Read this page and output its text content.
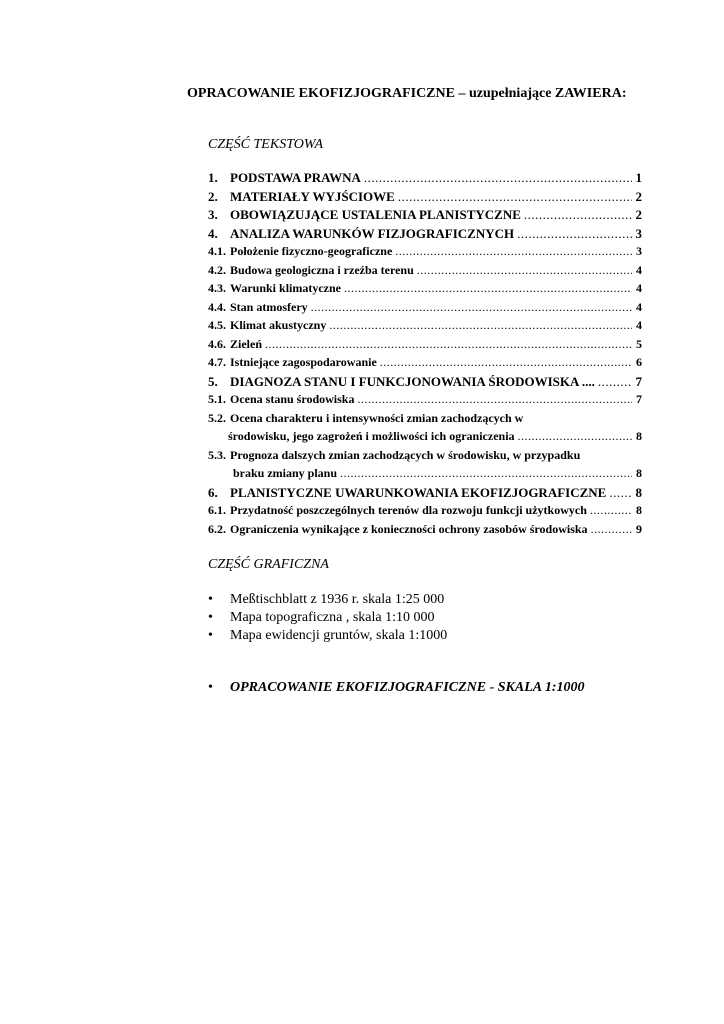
OPRACOWANIE EKOFIZJOGRAFICZNE – uzupełniające ZAWIERA:
CZĘŚĆ TEKSTOWA
1. PODSTAWA PRAWNA .....	1
2. MATERIAŁY WYJŚCIOWE .....	2
3. OBOWIĄZUJĄCE USTALENIA PLANISTYCZNE .....	2
4. ANALIZA WARUNKÓW FIZJOGRAFICZNYCH .....	3
4.1. Położenie fizyczno-geograficzne .....	3
4.2. Budowa geologiczna i rzeźba terenu .....	4
4.3. Warunki klimatyczne .....	4
4.4. Stan atmosfery .....	4
4.5. Klimat akustyczny .....	4
4.6. Zieleń .....	5
4.7. Istniejące zagospodarowanie .....	6
5. DIAGNOZA STANU I FUNKCJONOWANIA ŚRODOWISKA .... .....	7
5.1. Ocena stanu środowiska .....	7
5.2. Ocena charakteru i intensywności zmian zachodzących w
środowisku, jego zagrożeń i możliwości ich ograniczenia .....	8
5.3. Prognoza dalszych zmian zachodzących w środowisku, w przypadku
braku zmiany planu .....	8
6. PLANISTYCZNE UWARUNKOWANIA EKOFIZJOGRAFICZNE ..... 8
6.1. Przydatność poszczególnych terenów dla rozwoju funkcji użytkowych .....	8
6.2. Ograniczenia wynikające z konieczności ochrony zasobów środowiska .....	9
CZĘŚĆ GRAFICZNA
•	Meßtischblatt z 1936 r. skala 1:25 000
•	Mapa topograficzna , skala 1:10 000
•	Mapa ewidencji gruntów, skala 1:1000
•	OPRACOWANIE EKOFIZJOGRAFICZNE - SKALA 1:1000
